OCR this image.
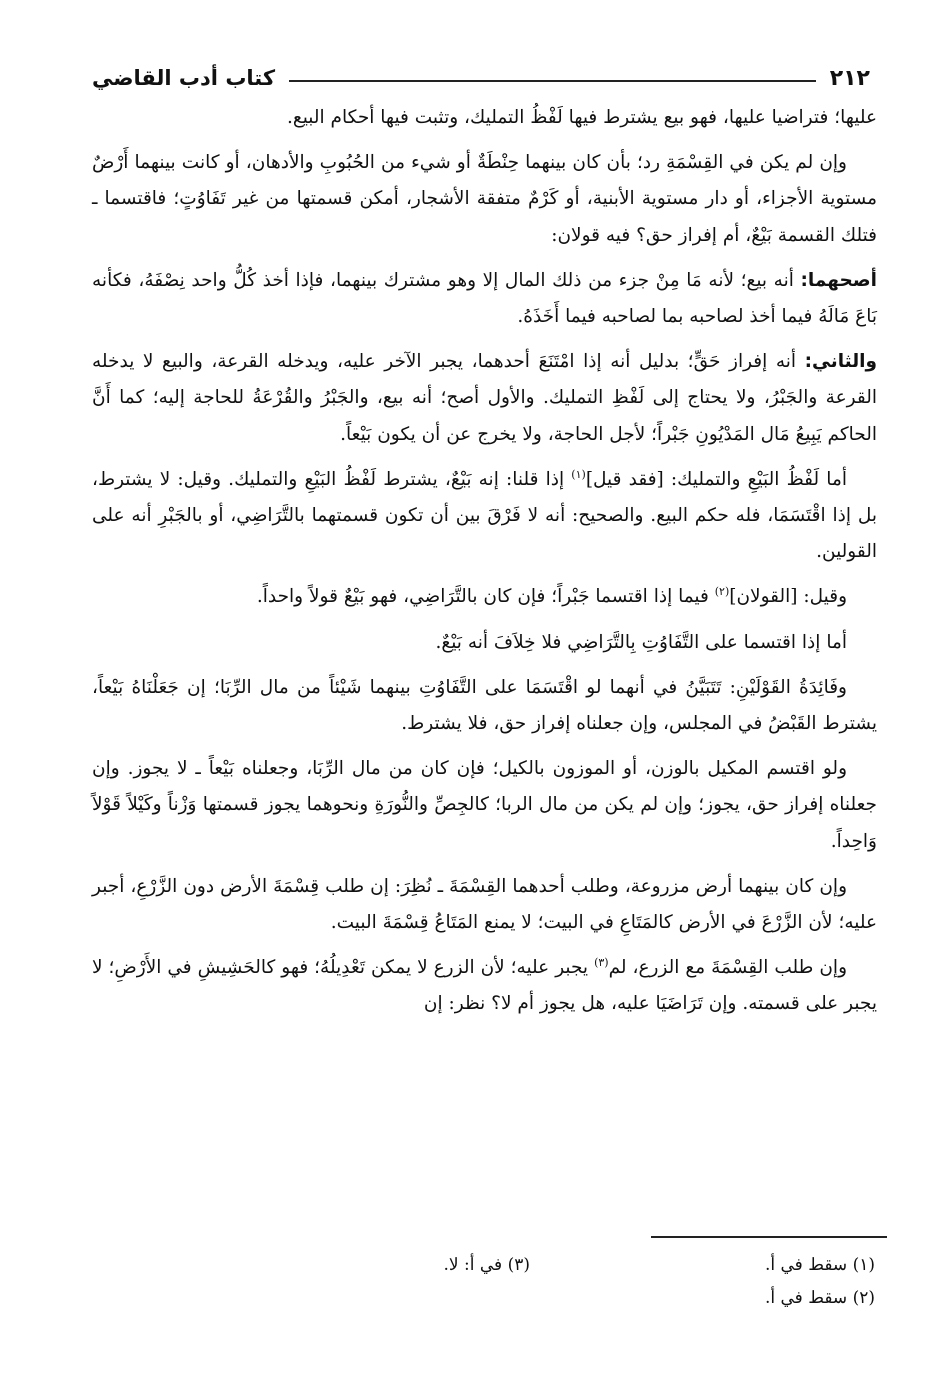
٢١٢
كتاب أدب القاضي

عليها؛ فتراضيا عليها، فهو بيع يشترط فيها لَفْظُ التمليك، وتثبت فيها أحكام البيع.

وإن لم يكن في القِسْمَةِ رد؛ بأن كان بينهما حِنْطَةٌ أو شيء من الحُبُوبِ والأدهان، أو كانت بينهما أَرْضٌ مستوية الأجزاء، أو دار مستوية الأبنية، أو كَرْمٌ متفقة الأشجار، أمكن قسمتها من غير تَفَاوُتٍ؛ فاقتسما ـ فتلك القسمة بَيْعٌ، أم إفراز حق؟ فيه قولان:

أصحهما: أنه بيع؛ لأنه مَا مِنْ جزء من ذلك المال إلا وهو مشترك بينهما، فإذا أخذ كُلُّ واحد نِصْفَهُ، فكأنه بَاعَ مَالَهُ فيما أخذ لصاحبه بما لصاحبه فيما أَخَذَهُ.

والثاني: أنه إفراز حَقٍّ؛ بدليل أنه إذا امْتَنَعَ أحدهما، يجبر الآخر عليه، ويدخله القرعة، والبيع لا يدخله القرعة والجَبْرُ، ولا يحتاج إلى لَفْظِ التمليك. والأول أصح؛ أنه بيع، والجَبْرُ والقُرْعَةُ للحاجة إليه؛ كما أَنَّ الحاكم يَبِيعُ مَال المَدْيُونِ جَبْراً؛ لأجل الحاجة، ولا يخرج عن أن يكون بَيْعاً.

أما لَفْظُ البَيْعِ والتمليك: [فقد قيل]$^{(١)}$ إذا قلنا: إنه بَيْعٌ، يشترط لَفْظُ البَيْعِ والتمليك. وقيل: لا يشترط، بل إذا اقْتَسَمَا، فله حكم البيع. والصحيح: أنه لا فَرْقَ بين أن تكون قسمتهما بالتَّرَاضِي، أو بالجَبْرِ أنه على القولين.

وقيل: [القولان]$^{(٢)}$ فيما إذا اقتسما جَبْراً؛ فإن كان بالتَّرَاضِي، فهو بَيْعٌ قولاً واحداً.

أما إذا اقتسما على التَّفَاوُتِ بِالتَّرَاضِي فلا خِلاَفَ أنه بَيْعٌ.

وفَائِدَةُ القَوْلَيْنِ: تَتَبَيَّنُ في أنهما لو اقْتَسَمَا على التَّفَاوُتِ بينهما شَيْئاً من مال الرِّبَا؛ إن جَعَلْنَاهُ بَيْعاً، يشترط القَبْضُ في المجلس، وإن جعلناه إفراز حق، فلا يشترط.

ولو اقتسم المكيل بالوزن، أو الموزون بالكيل؛ فإن كان من مال الرِّبَا، وجعلناه بَيْعاً ـ لا يجوز. وإن جعلناه إفراز حق، يجوز؛ وإن لم يكن من مال الربا؛ كالجِصِّ والنُّورَةِ ونحوهما يجوز قسمتها وَزْناً وكَيْلاً قَوْلاً وَاحِداً.

وإن كان بينهما أرض مزروعة، وطلب أحدهما القِسْمَةَ ـ نُظِرَ: إن طلب قِسْمَةَ الأرض دون الزَّرْعِ، أجبر عليه؛ لأن الزَّرْعَ في الأرض كالمَتَاعِ في البيت؛ لا يمنع المَتَاعُ قِسْمَةَ البيت.

وإن طلب القِسْمَةَ مع الزرع، لم$^{(٣)}$ يجبر عليه؛ لأن الزرع لا يمكن تَعْدِيلُهُ؛ فهو كالحَشِيشِ في الأَرْضِ؛ لا يجبر على قسمته. وإن تَرَاضَيَا عليه، هل يجوز أم لا؟ نظر: إن

(١) سقط في أ.
(٣) في أ: لا.
(٢) سقط في أ.
